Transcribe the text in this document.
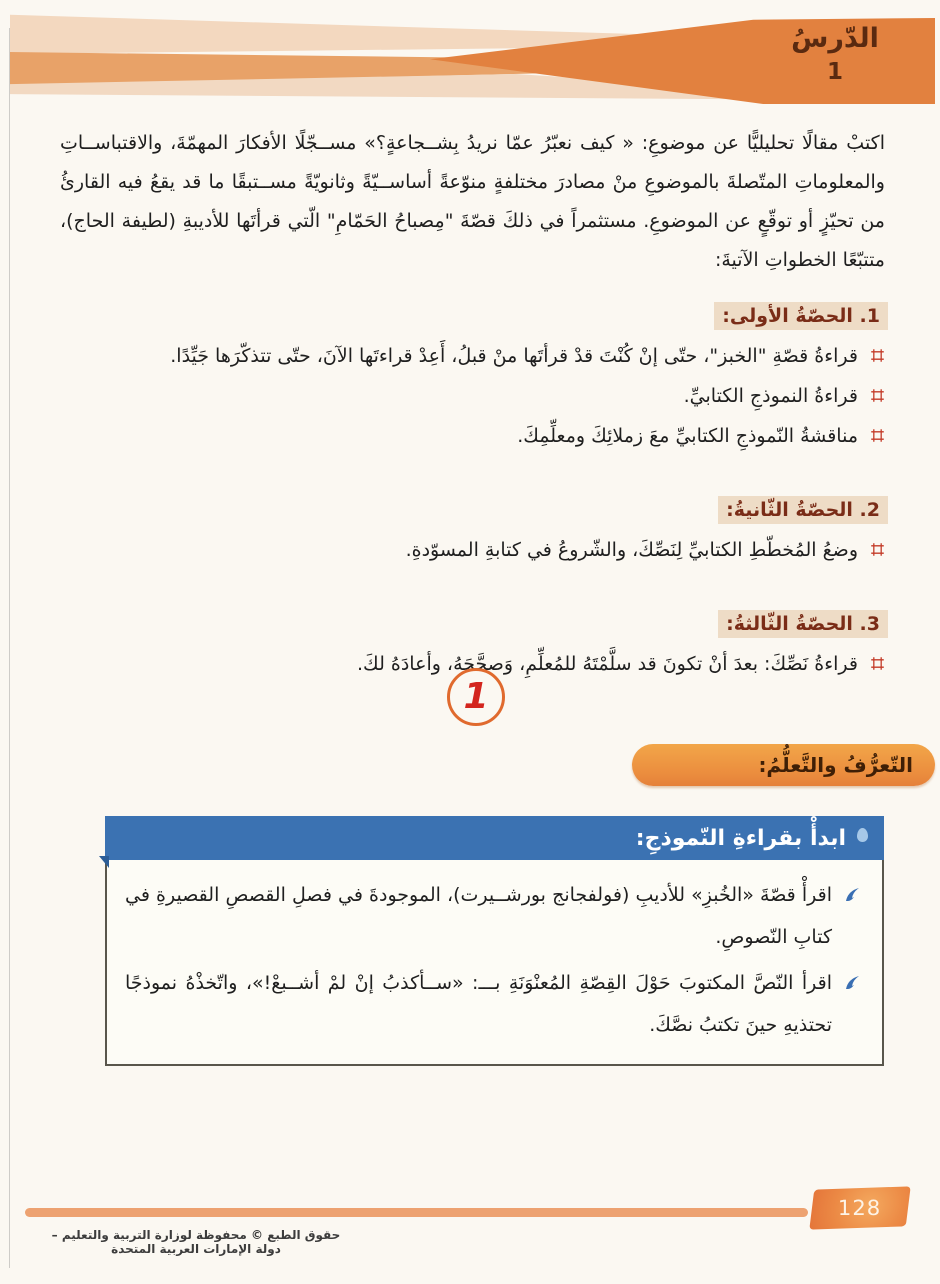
الدّرسُ
1

اكتبْ مقالًا تحليليًّا عن موضوعِ: « كيف نعبّرُ عمّا نريدُ بِشــجاعةٍ؟» مســجّلًا الأفكارَ المهمّةَ، والاقتباســاتِ والمعلوماتِ المتّصلةَ بالموضوعِ منْ مصادرَ مختلفةٍ منوّعةً أساســيّةً وثانويّةً مســتبقًا ما قد يقعُ فيه القارئُ من تحيّزٍ أو توقّعٍ عن الموضوعِ. مستثمراً في ذلكَ قصّةَ "مِصباحُ الحَمّامِ" الّتي قرأتَها للأديبةِ (لطيفة الحاج)، متتبّعًا الخطواتِ الآتيةَ:

1. الحصّةُ الأولى:
قراءةُ قصّةِ "الخبز"، حتّى إنْ كُنْتَ قدْ قرأتَها منْ قبلُ، أَعِدْ قراءتَها الآنَ، حتّى تتذكّرَها جَيِّدًا.
قراءةُ النموذجِ الكتابيِّ.
مناقشةُ النّموذجِ الكتابيِّ معَ زملائِكَ ومعلِّمِكَ.
2. الحصّةُ الثّانيةُ:
وضعُ المُخطّطِ الكتابيِّ لِنَصِّكَ، والشّروعُ في كتابةِ المسوّدةِ.
3. الحصّةُ الثّالثةُ:
قراءةُ نَصِّكَ: بعدَ أنْ تكونَ قد سلَّمْتَهُ للمُعلِّمِ، وَصحَّحَهُ، وأعادَهُ لكَ.
1
التّعرُّفُ والتَّعلُّمُ:
ابدأْ بقراءةِ النّموذجِ:
اقرأْ قصّةَ «الخُبزِ» للأديبِ (فولفجانج بورشــيرت)، الموجودةَ في فصلِ القصصِ القصيرةِ في كتابِ النّصوصِ.
اقرأ النّصَّ المكتوبَ حَوْلَ القِصّةِ المُعنْوَنَةِ بـــ: «ســأكذبُ إنْ لمْ أشــبعْ!»، واتّخذْهُ نموذجًا تحتذيهِ حينَ تكتبُ نصَّكَ.
128
حقوق الطبع © محفوظة لوزارة التربية والتعليم – دولة الإمارات العربية المتحدة
